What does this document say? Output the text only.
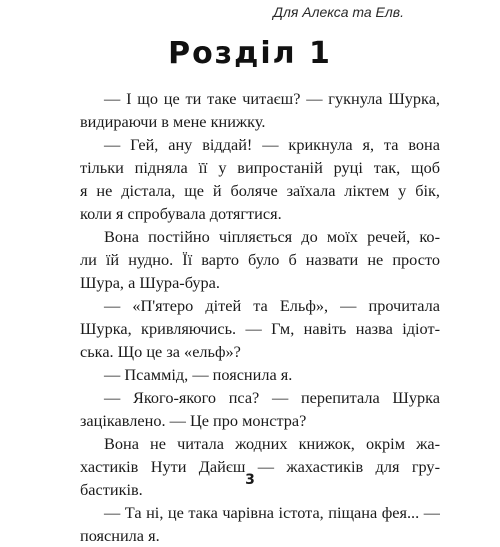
Для Алекса та Елв.
Розділ 1
— І що це ти таке читаєш? — гукнула Шурка,
видираючи в мене книжку.
— Гей, ану віддай! — крикнула я, та вона
тільки підняла її у випростаній руці так, щоб
я не дістала, ще й боляче заїхала ліктем у бік,
коли я спробувала дотягтися.
Вона постійно чіпляється до моїх речей, ко-
ли їй нудно. Її варто було б назвати не просто
Шура, а Шура-бура.
— «П'ятеро дітей та Ельф», — прочитала
Шурка, кривляючись. — Гм, навіть назва ідіот-
ська. Що це за «ельф»?
— Псаммід, — пояснила я.
— Якого-якого пса? — перепитала Шурка
зацікавлено. — Це про монстра?
Вона не читала жодних книжок, окрім жа-
хастиків Нути Дайєш — жахастиків для гру-
бастиків.
— Та ні, це така чарівна істота, піщана фея... —
пояснила я.
3
